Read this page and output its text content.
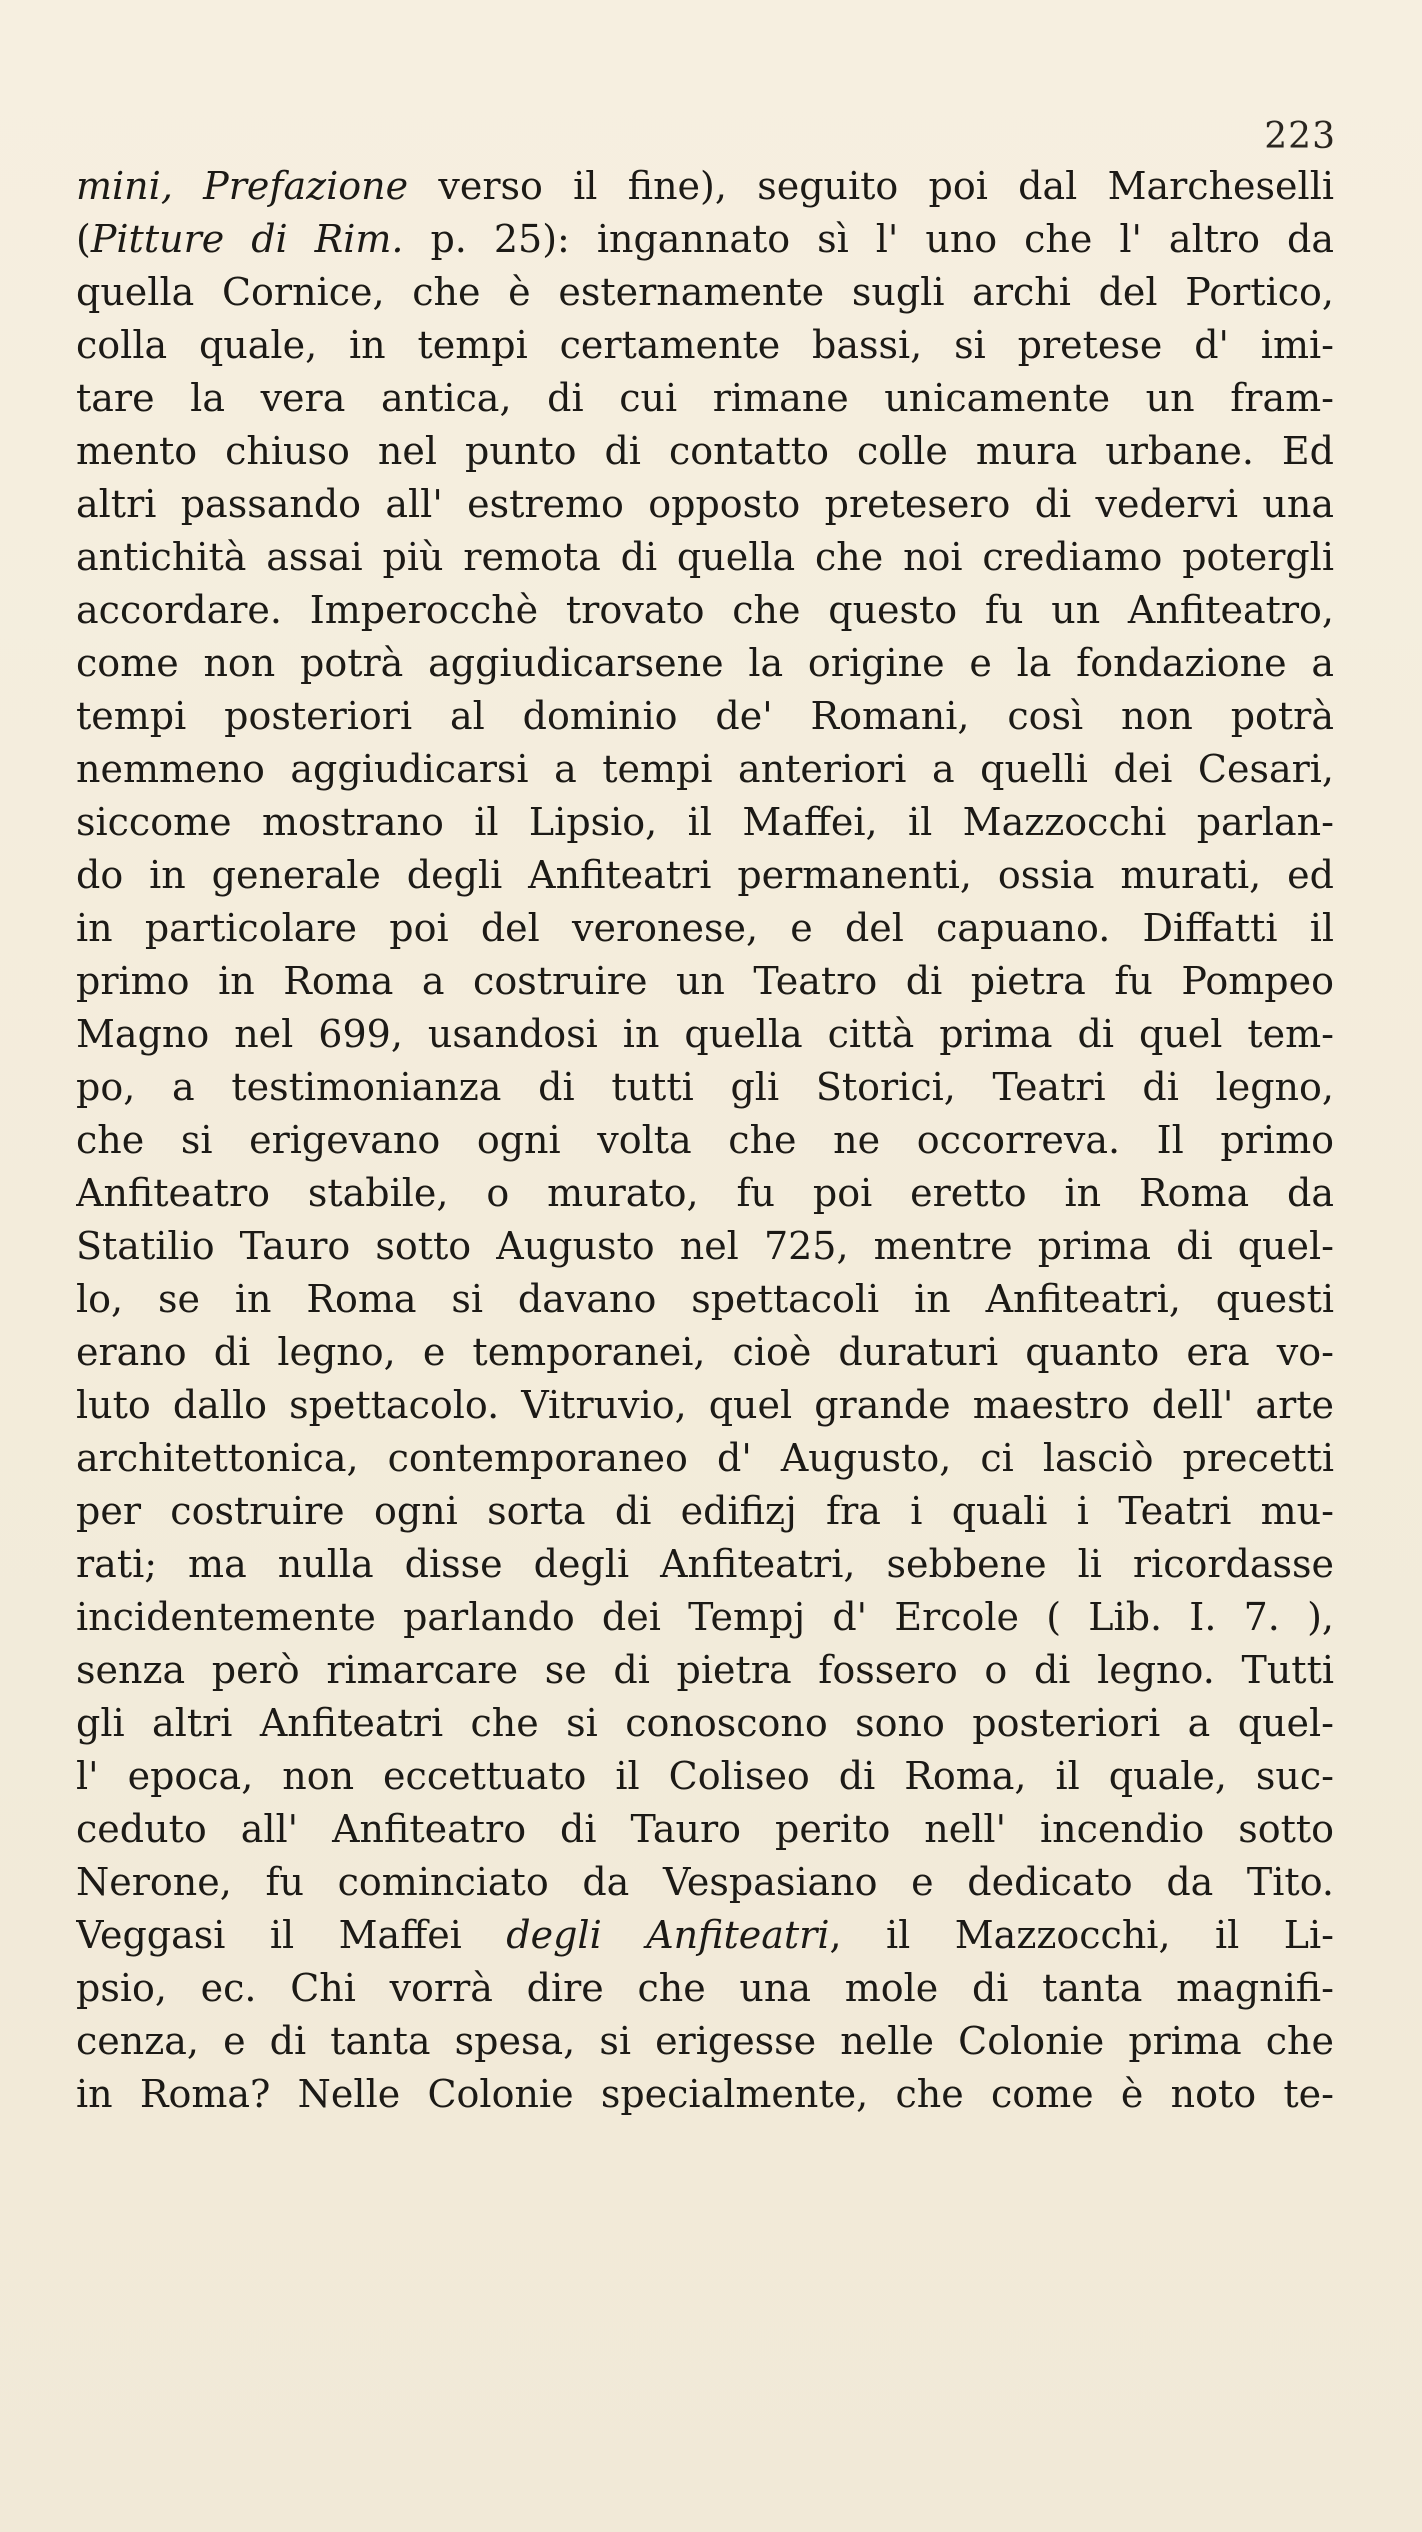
223
mini, Prefazione verso il fine), seguito poi dal Marcheselli
(Pitture di Rim. p. 25): ingannato sì l' uno che l' altro da
quella Cornice, che è esternamente sugli archi del Portico,
colla quale, in tempi certamente bassi, si pretese d' imi-
tare la vera antica, di cui rimane unicamente un fram-
mento chiuso nel punto di contatto colle mura urbane. Ed
altri passando all' estremo opposto pretesero di vedervi una
antichità assai più remota di quella che noi crediamo potergli
accordare. Imperocchè trovato che questo fu un Anfiteatro,
come non potrà aggiudicarsene la origine e la fondazione a
tempi posteriori al dominio de' Romani, così non potrà
nemmeno aggiudicarsi a tempi anteriori a quelli dei Cesari,
siccome mostrano il Lipsio, il Maffei, il Mazzocchi parlan-
do in generale degli Anfiteatri permanenti, ossia murati, ed
in particolare poi del veronese, e del capuano. Diffatti il
primo in Roma a costruire un Teatro di pietra fu Pompeo
Magno nel 699, usandosi in quella città prima di quel tem-
po, a testimonianza di tutti gli Storici, Teatri di legno,
che si erigevano ogni volta che ne occorreva. Il primo
Anfiteatro stabile, o murato, fu poi eretto in Roma da
Statilio Tauro sotto Augusto nel 725, mentre prima di quel-
lo, se in Roma si davano spettacoli in Anfiteatri, questi
erano di legno, e temporanei, cioè duraturi quanto era vo-
luto dallo spettacolo. Vitruvio, quel grande maestro dell' arte
architettonica, contemporaneo d' Augusto, ci lasciò precetti
per costruire ogni sorta di edifizj fra i quali i Teatri mu-
rati; ma nulla disse degli Anfiteatri, sebbene li ricordasse
incidentemente parlando dei Tempj d' Ercole ( Lib. I. 7. ),
senza però rimarcare se di pietra fossero o di legno. Tutti
gli altri Anfiteatri che si conoscono sono posteriori a quel-
l' epoca, non eccettuato il Coliseo di Roma, il quale, suc-
ceduto all' Anfiteatro di Tauro perito nell' incendio sotto
Nerone, fu cominciato da Vespasiano e dedicato da Tito.
Veggasi il Maffei degli Anfiteatri, il Mazzocchi, il Li-
psio, ec. Chi vorrà dire che una mole di tanta magnifi-
cenza, e di tanta spesa, si erigesse nelle Colonie prima che
in Roma? Nelle Colonie specialmente, che come è noto te-
